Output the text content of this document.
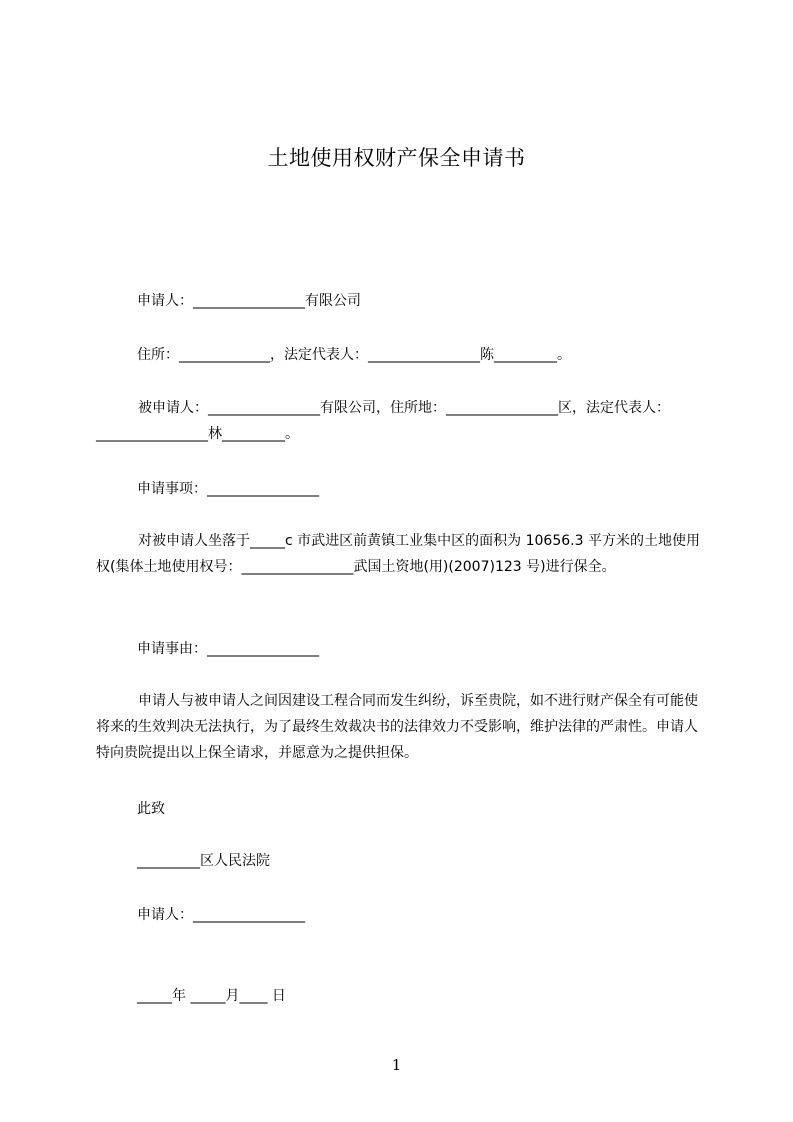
土地使用权财产保全申请书
申请人：________________有限公司
住所：_____________，法定代表人：________________陈_________。
被申请人：________________有限公司，住所地：________________区，法定代表人：________________林_________。
申请事项：________________
对被申请人坐落于_____c 市武进区前黄镇工业集中区的面积为 10656.3 平方米的土地使用权(集体土地使用权号：________________武国土资地(用)(2007)123 号)进行保全。
申请事由：________________
申请人与被申请人之间因建设工程合同而发生纠纷，诉至贵院，如不进行财产保全有可能使将来的生效判决无法执行，为了最终生效裁决书的法律效力不受影响，维护法律的严肃性。申请人特向贵院提出以上保全请求，并愿意为之提供担保。
此致
_________区人民法院
申请人：________________
_____年 _____月____ 日
1
